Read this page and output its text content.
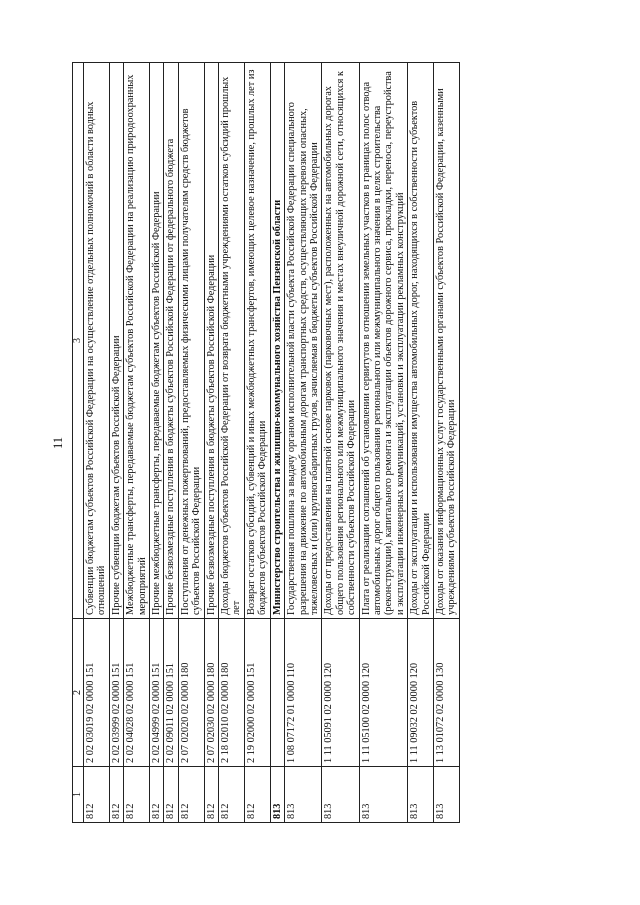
11
1	2	3
812	2 02 03019 02 0000 151	Субвенции бюджетам субъектов Российской Федерации на осуществление отдельных полномочий в области водных отношений
812	2 02 03999 02 0000 151	Прочие субвенции бюджетам субъектов Российской Федерации
812	2 02 04028 02 0000 151	Межбюджетные трансферты, передаваемые бюджетам субъектов Российской Федерации на реализацию природоохранных мероприятий
812	2 02 04999 02 0000 151	Прочие межбюджетные трансферты, передаваемые бюджетам субъектов Российской Федерации
812	2 02 09011 02 0000 151	Прочие безвозмездные поступления в бюджеты субъектов Российской Федерации от федерального бюджета
812	2 07 02020 02 0000 180	Поступления от денежных пожертвований, предоставляемых физическими лицами получателям средств бюджетов субъектов Российской Федерации
812	2 07 02030 02 0000 180	Прочие безвозмездные поступления в бюджеты субъектов Российской Федерации
812	2 18 02010 02 0000 180	Доходы бюджетов субъектов Российской Федерации от возврата бюджетными учреждениями остатков субсидий прошлых лет
812	2 19 02000 02 0000 151	Возврат остатков субсидий, субвенций и иных межбюджетных трансфертов, имеющих целевое назначение, прошлых лет из бюджетов субъектов Российской Федерации
813		Министерство строительства и жилищно-коммунального хозяйства Пензенской области
813	1 08 07172 01 0000 110	Государственная пошлина за выдачу органом исполнительной власти субъекта Российской Федерации специального разрешения на движение по автомобильным дорогам транспортных средств, осуществляющих перевозки опасных, тяжеловесных и (или) крупногабаритных грузов, зачисляемая в бюджеты субъектов Российской Федерации
813	1 11 05091 02 0000 120	Доходы от предоставления на платной основе парковок (парковочных мест), расположенных на автомобильных дорогах общего пользования регионального или межмуниципального значения и местах внеуличной дорожной сети, относящихся к собственности субъектов Российской Федерации
813	1 11 05100 02 0000 120	Плата от реализации соглашений об установлении сервитутов в отношении земельных участков в границах полос отвода автомобильных дорог общего пользования регионального или межмуниципального значения в целях строительства (реконструкции), капитального ремонта и эксплуатации объектов дорожного сервиса, прокладки, переноса, переустройства и эксплуатации инженерных коммуникаций, установки и эксплуатации рекламных конструкций
813	1 11 09032 02 0000 120	Доходы от эксплуатации и использования имущества автомобильных дорог, находящихся в собственности субъектов Российской Федерации
813	1 13 01072 02 0000 130	Доходы от оказания информационных услуг государственными органами субъектов Российской Федерации, казенными учреждениями субъектов Российской Федерации
